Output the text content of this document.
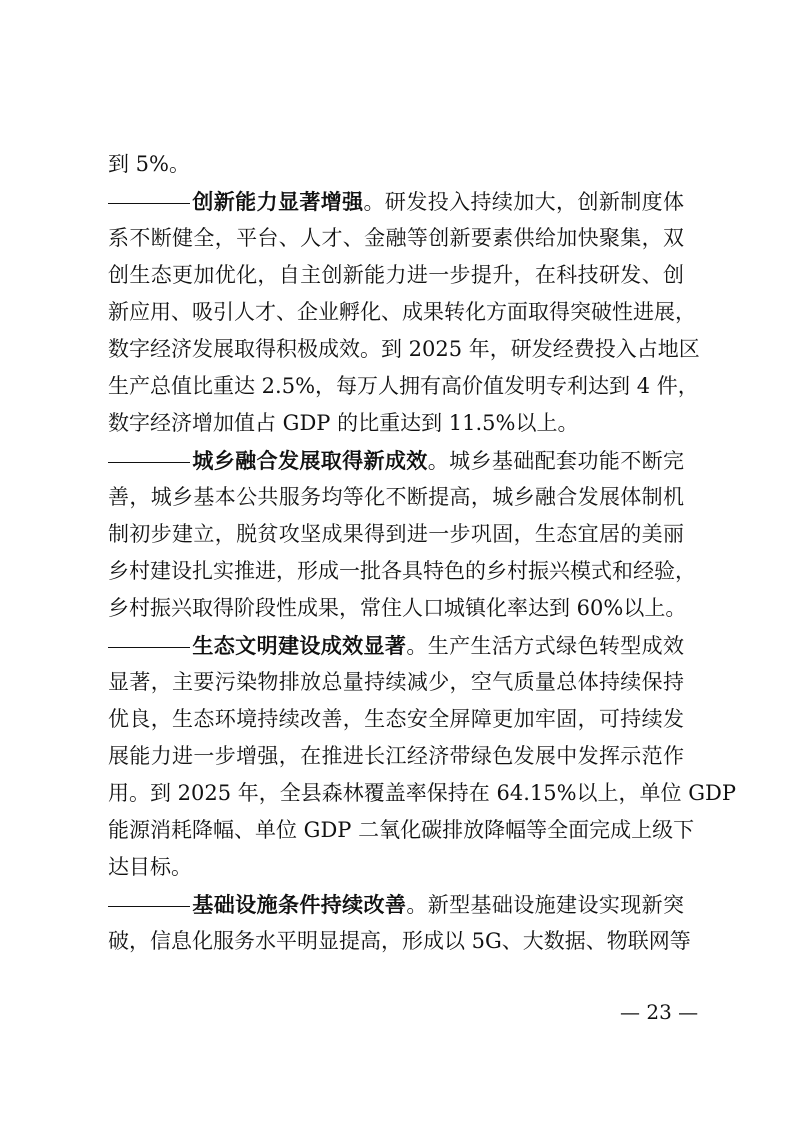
到 5%。
创新能力显著增强。研发投入持续加大，创新制度体
系不断健全，平台、人才、金融等创新要素供给加快聚集，双
创生态更加优化，自主创新能力进一步提升，在科技研发、创
新应用、吸引人才、企业孵化、成果转化方面取得突破性进展，
数字经济发展取得积极成效。到 2025 年，研发经费投入占地区
生产总值比重达 2.5%，每万人拥有高价值发明专利达到 4 件，
数字经济增加值占 GDP 的比重达到 11.5%以上。
城乡融合发展取得新成效。城乡基础配套功能不断完
善，城乡基本公共服务均等化不断提高，城乡融合发展体制机
制初步建立，脱贫攻坚成果得到进一步巩固，生态宜居的美丽
乡村建设扎实推进，形成一批各具特色的乡村振兴模式和经验，
乡村振兴取得阶段性成果，常住人口城镇化率达到 60%以上。
生态文明建设成效显著。生产生活方式绿色转型成效
显著，主要污染物排放总量持续减少，空气质量总体持续保持
优良，生态环境持续改善，生态安全屏障更加牢固，可持续发
展能力进一步增强，在推进长江经济带绿色发展中发挥示范作
用。到 2025 年，全县森林覆盖率保持在 64.15%以上，单位 GDP
能源消耗降幅、单位 GDP 二氧化碳排放降幅等全面完成上级下
达目标。
基础设施条件持续改善。新型基础设施建设实现新突
破，信息化服务水平明显提高，形成以 5G、大数据、物联网等
— 23 —
